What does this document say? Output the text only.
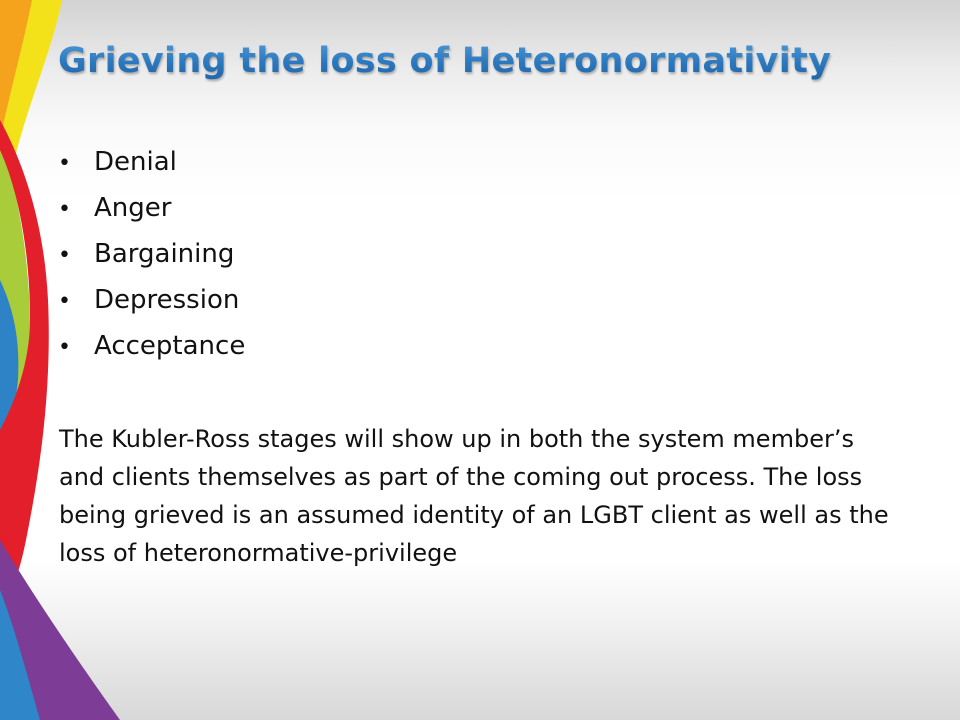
Grieving the loss of Heteronormativity
• Denial
• Anger
• Bargaining
• Depression
• Acceptance

The Kubler-Ross stages will show up in both the system member’s and clients themselves as part of the coming out process. The loss being grieved is an assumed identity of an LGBT client as well as the loss of heteronormative-privilege
